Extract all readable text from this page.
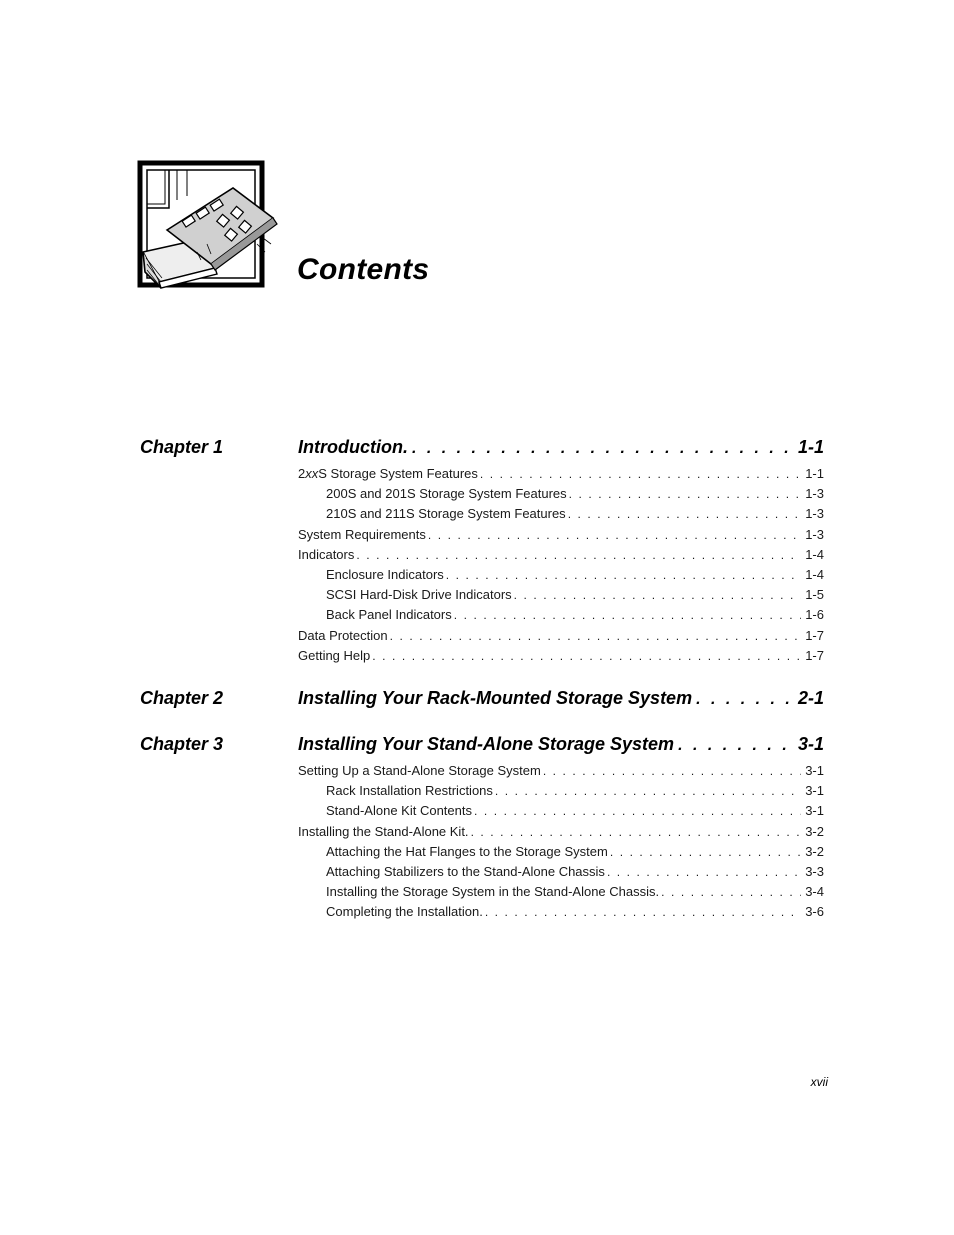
Contents
Chapter 1	Introduction. . . .	1-1
2xxS Storage System Features . . .	1-1
200S and 201S Storage System Features . . .	1-3
210S and 211S Storage System Features . . .	1-3
System Requirements . . .	1-3
Indicators . . .	1-4
Enclosure Indicators . . .	1-4
SCSI Hard-Disk Drive Indicators . . .	1-5
Back Panel Indicators . . .	1-6
Data Protection . . .	1-7
Getting Help . . .	1-7
Chapter 2	Installing Your Rack-Mounted Storage System . . .	2-1
Chapter 3	Installing Your Stand-Alone Storage System . . .	3-1
Setting Up a Stand-Alone Storage System . . .	3-1
Rack Installation Restrictions . . .	3-1
Stand-Alone Kit Contents . . .	3-1
Installing the Stand-Alone Kit. . . .	3-2
Attaching the Hat Flanges to the Storage System . . .	3-2
Attaching Stabilizers to the Stand-Alone Chassis . . .	3-3
Installing the Storage System in the Stand-Alone Chassis. . . .	3-4
Completing the Installation. . . .	3-6
xvii
